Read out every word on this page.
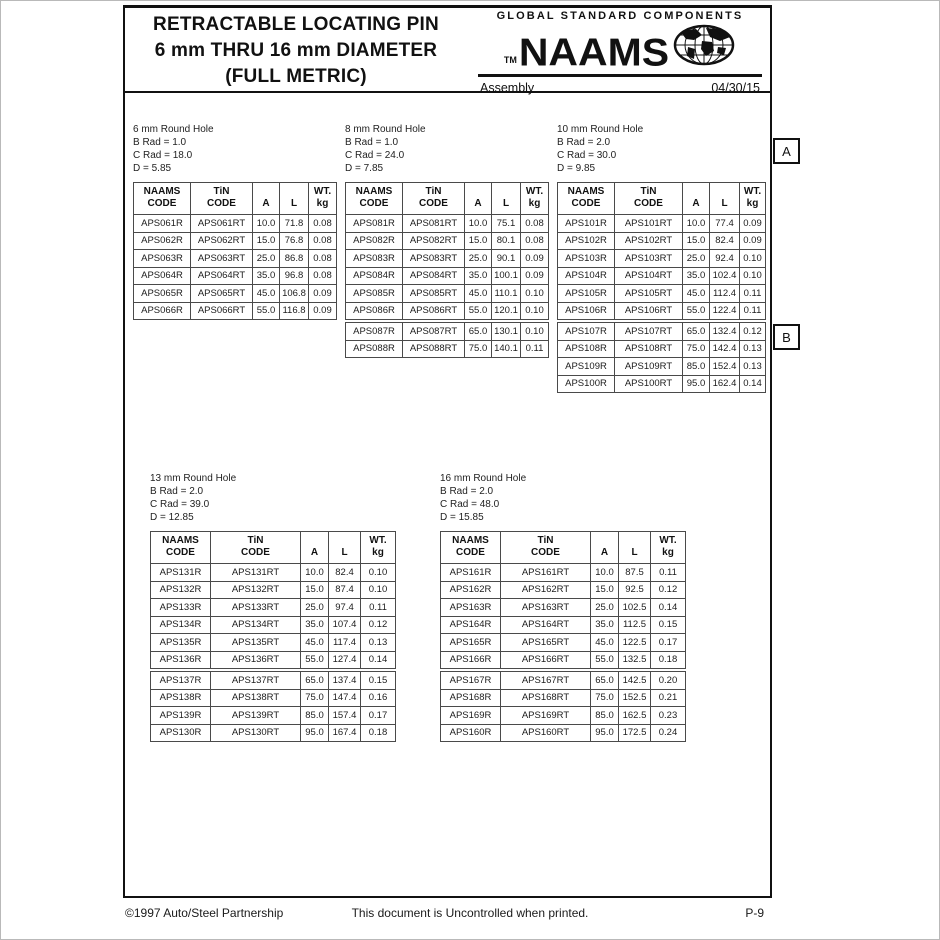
RETRACTABLE LOCATING PIN
6 mm THRU 16 mm DIAMETER
(FULL METRIC)
GLOBAL STANDARD COMPONENTS
TM NAAMS
Assembly	04/30/15
A
B
6 mm Round Hole
B Rad = 1.0
C Rad = 18.0
D = 5.85
NAAMS
CODE	TiN
CODE	A	L	WT.
kg
APS061R	APS061RT	10.0	71.8	0.08
APS062R	APS062RT	15.0	76.8	0.08
APS063R	APS063RT	25.0	86.8	0.08
APS064R	APS064RT	35.0	96.8	0.08
APS065R	APS065RT	45.0	106.8	0.09
APS066R	APS066RT	55.0	116.8	0.09
8 mm Round Hole
B Rad = 1.0
C Rad = 24.0
D = 7.85
NAAMS
CODE	TiN
CODE	A	L	WT.
kg
APS081R	APS081RT	10.0	75.1	0.08
APS082R	APS082RT	15.0	80.1	0.08
APS083R	APS083RT	25.0	90.1	0.09
APS084R	APS084RT	35.0	100.1	0.09
APS085R	APS085RT	45.0	110.1	0.10
APS086R	APS086RT	55.0	120.1	0.10

APS087R	APS087RT	65.0	130.1	0.10
APS088R	APS088RT	75.0	140.1	0.11
10 mm Round Hole
B Rad = 2.0
C Rad = 30.0
D = 9.85
NAAMS
CODE	TiN
CODE	A	L	WT.
kg
APS101R	APS101RT	10.0	77.4	0.09
APS102R	APS102RT	15.0	82.4	0.09
APS103R	APS103RT	25.0	92.4	0.10
APS104R	APS104RT	35.0	102.4	0.10
APS105R	APS105RT	45.0	112.4	0.11
APS106R	APS106RT	55.0	122.4	0.11

APS107R	APS107RT	65.0	132.4	0.12
APS108R	APS108RT	75.0	142.4	0.13
APS109R	APS109RT	85.0	152.4	0.13
APS100R	APS100RT	95.0	162.4	0.14
13 mm Round Hole
B Rad = 2.0
C Rad = 39.0
D = 12.85
NAAMS
CODE	TiN
CODE	A	L	WT.
kg
APS131R	APS131RT	10.0	82.4	0.10
APS132R	APS132RT	15.0	87.4	0.10
APS133R	APS133RT	25.0	97.4	0.11
APS134R	APS134RT	35.0	107.4	0.12
APS135R	APS135RT	45.0	117.4	0.13
APS136R	APS136RT	55.0	127.4	0.14

APS137R	APS137RT	65.0	137.4	0.15
APS138R	APS138RT	75.0	147.4	0.16
APS139R	APS139RT	85.0	157.4	0.17
APS130R	APS130RT	95.0	167.4	0.18
16 mm Round Hole
B Rad = 2.0
C Rad = 48.0
D = 15.85
NAAMS
CODE	TiN
CODE	A	L	WT.
kg
APS161R	APS161RT	10.0	87.5	0.11
APS162R	APS162RT	15.0	92.5	0.12
APS163R	APS163RT	25.0	102.5	0.14
APS164R	APS164RT	35.0	112.5	0.15
APS165R	APS165RT	45.0	122.5	0.17
APS166R	APS166RT	55.0	132.5	0.18

APS167R	APS167RT	65.0	142.5	0.20
APS168R	APS168RT	75.0	152.5	0.21
APS169R	APS169RT	85.0	162.5	0.23
APS160R	APS160RT	95.0	172.5	0.24
©1997 Auto/Steel Partnership	This document is Uncontrolled when printed.	P-9
